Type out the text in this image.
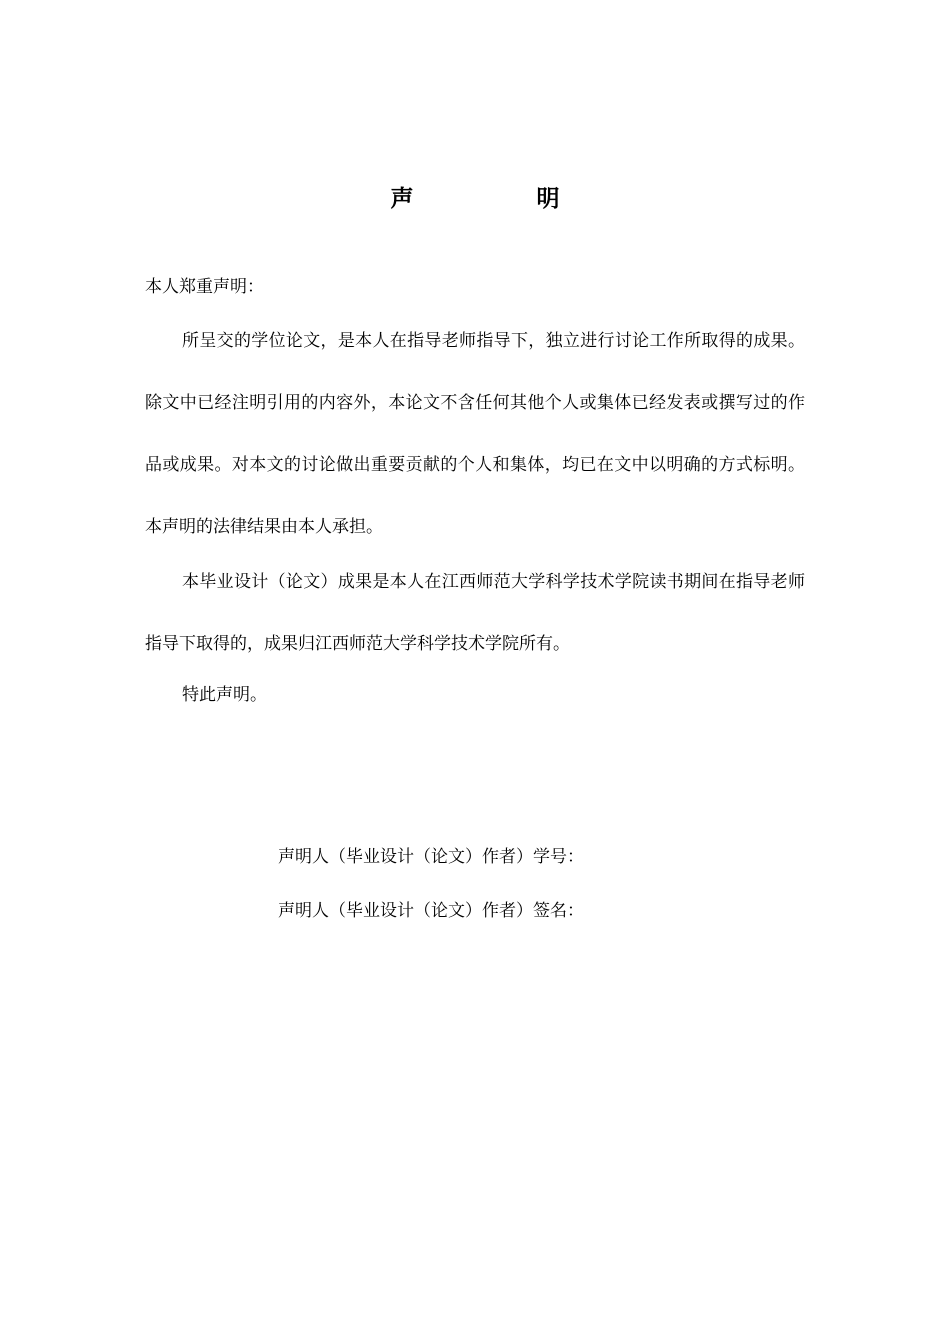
声　明

本人郑重声明：

所呈交的学位论文，是本人在指导老师指导下，独立进行讨论工作所取得的成果。除文中已经注明引用的内容外，本论文不含任何其他个人或集体已经发表或撰写过的作品或成果。对本文的讨论做出重要贡献的个人和集体，均已在文中以明确的方式标明。本声明的法律结果由本人承担。

本毕业设计（论文）成果是本人在江西师范大学科学技术学院读书期间在指导老师指导下取得的，成果归江西师范大学科学技术学院所有。

特此声明。

声明人（毕业设计（论文）作者）学号：

声明人（毕业设计（论文）作者）签名：
